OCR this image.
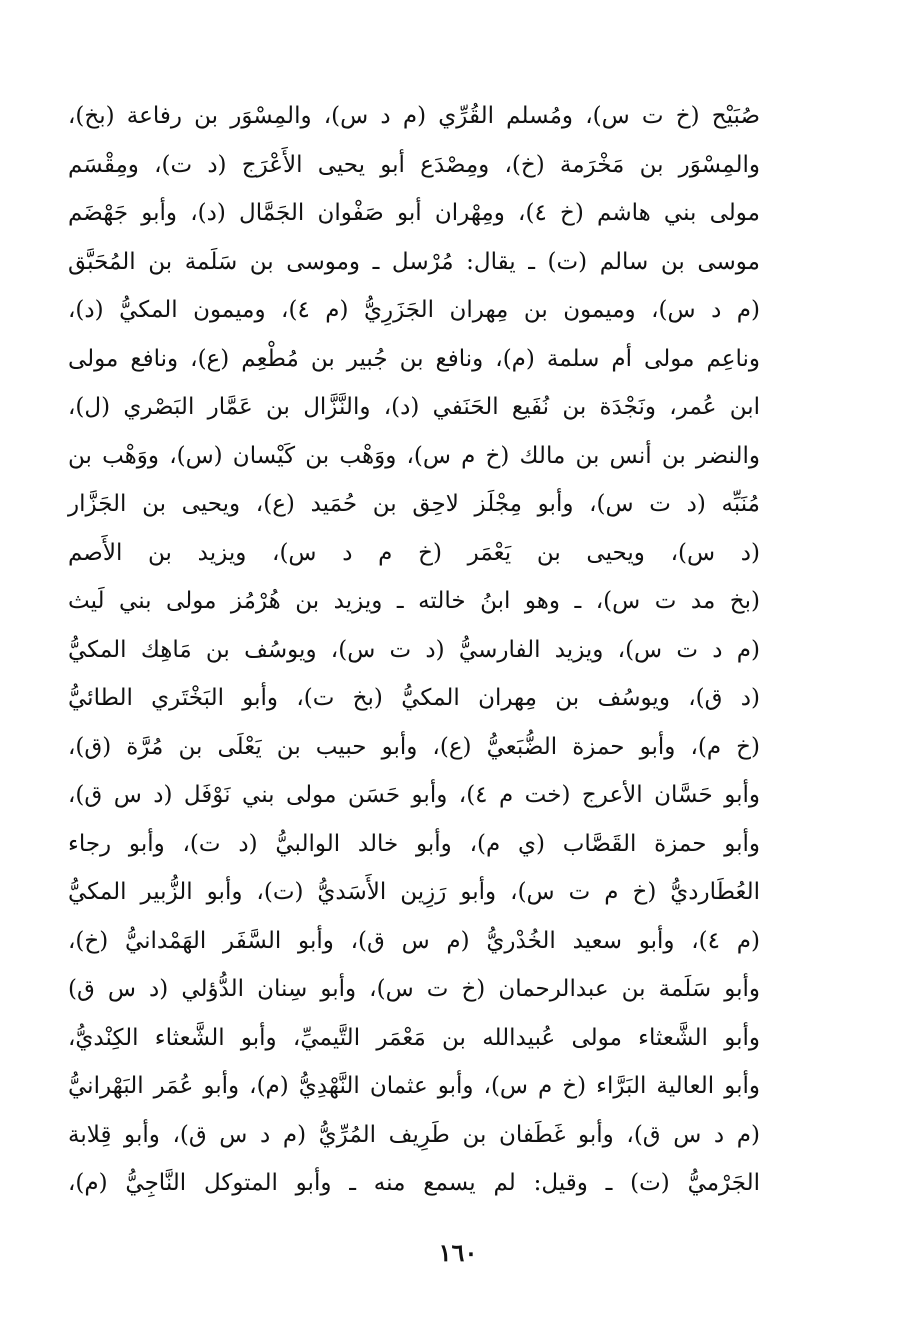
صُبَيْح (خ ت س)، ومُسلم القُرِّي (م د س)، والمِسْوَر بن رفاعة (بخ)،
والمِسْوَر بن مَخْرَمة (خ)، ومِصْدَع أبو يحيى الأَعْرَج (د ت)، ومِقْسَم
مولى بني هاشم (خ ٤)، ومِهْران أبو صَفْوان الجَمَّال (د)، وأبو جَهْضَم
موسى بن سالم (ت) ـ يقال: مُرْسل ـ وموسى بن سَلَمة بن المُحَبَّق
(م د س)، وميمون بن مِهران الجَزَرِيُّ (م ٤)، وميمون المكيُّ (د)،
وناعِم مولى أم سلمة (م)، ونافع بن جُبير بن مُطْعِم (ع)، ونافع مولى
ابن عُمر، ونَجْدَة بن نُفَيع الحَنَفي (د)، والنَّزَّال بن عَمَّار البَصْري (ل)،
والنضر بن أنس بن مالك (خ م س)، ووَهْب بن كَيْسان (س)، ووَهْب بن
مُنَبِّه (د ت س)، وأبو مِجْلَز لاحِق بن حُمَيد (ع)، ويحيى بن الجَزَّار
(د س)، ويحيى بن يَعْمَر (خ م د س)، ويزيد بن الأَصم
(بخ مد ت س)، ـ وهو ابنُ خالته ـ ويزيد بن هُرْمُز مولى بني لَيث
(م د ت س)، ويزيد الفارسيُّ (د ت س)، ويوسُف بن مَاهِك المكيُّ
(د ق)، ويوسُف بن مِهران المكيُّ (بخ ت)، وأبو البَخْتَري الطائيُّ
(خ م)، وأبو حمزة الضُّبَعيُّ (ع)، وأبو حبيب بن يَعْلَى بن مُرَّة (ق)،
وأبو حَسَّان الأعرج (خت م ٤)، وأبو حَسَن مولى بني نَوْفَل (د س ق)،
وأبو حمزة القَصَّاب (ي م)، وأبو خالد الوالبيُّ (د ت)، وأبو رجاء
العُطَارديُّ (خ م ت س)، وأبو رَزِين الأَسَديُّ (ت)، وأبو الزُّبير المكيُّ
(م ٤)، وأبو سعيد الخُدْريُّ (م س ق)، وأبو السَّفَر الهَمْدانيُّ (خ)،
وأبو سَلَمة بن عبدالرحمان (خ ت س)، وأبو سِنان الدُّؤلي (د س ق)
وأبو الشَّعثاء مولى عُبيدالله بن مَعْمَر التَّيميِّ، وأبو الشَّعثاء الكِنْديُّ،
وأبو العالية البَرَّاء (خ م س)، وأبو عثمان النَّهْدِيُّ (م)، وأبو عُمَر البَهْرانيُّ
(م د س ق)، وأبو غَطَفان بن طَرِيف المُرِّيُّ (م د س ق)، وأبو قِلابة
الجَرْميُّ (ت) ـ وقيل: لم يسمع منه ـ وأبو المتوكل النَّاجِيُّ (م)،
١٦٠
